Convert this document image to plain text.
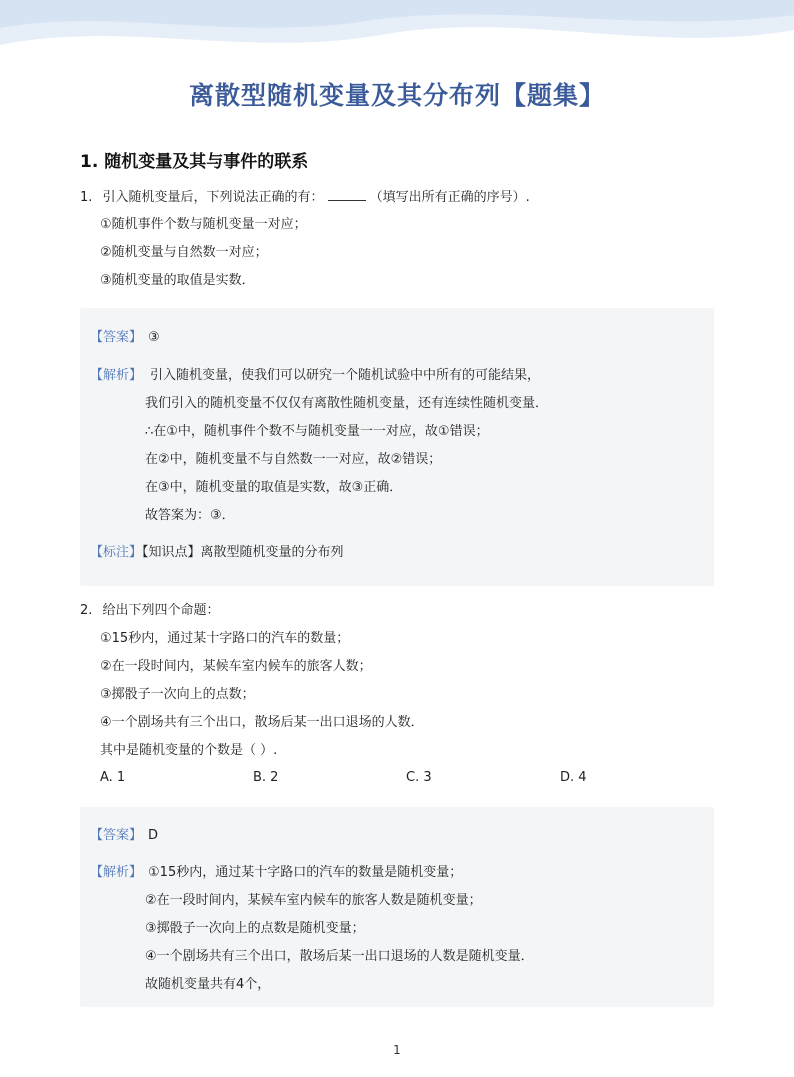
离散型随机变量及其分布列【题集】
1. 随机变量及其与事件的联系
1. 引入随机变量后，下列说法正确的有：	（填写出所有正确的序号）.
①随机事件个数与随机变量一对应；
②随机变量与自然数一对应；
③随机变量的取值是实数．
【答案】 ③
【解析】 引入随机变量，使我们可以研究一个随机试验中中所有的可能结果，
我们引入的随机变量不仅仅有离散性随机变量，还有连续性随机变量．
∴在①中，随机事件个数不与随机变量一一对应，故①错误；
在②中，随机变量不与自然数一一对应，故②错误；
在③中，随机变量的取值是实数，故③正确．
故答案为：③．
【标注】【知识点】离散型随机变量的分布列
2. 给出下列四个命题：
①15秒内，通过某十字路口的汽车的数量；
②在一段时间内，某候车室内候车的旅客人数；
③掷骰子一次向上的点数；
④一个剧场共有三个出口，散场后某一出口退场的人数．
其中是随机变量的个数是（ ）.
A. 1	B. 2	C. 3	D. 4
【答案】 D
【解析】 ①15秒内，通过某十字路口的汽车的数量是随机变量；
②在一段时间内，某候车室内候车的旅客人数是随机变量；
③掷骰子一次向上的点数是随机变量；
④一个剧场共有三个出口，散场后某一出口退场的人数是随机变量．
故随机变量共有4个，
1
